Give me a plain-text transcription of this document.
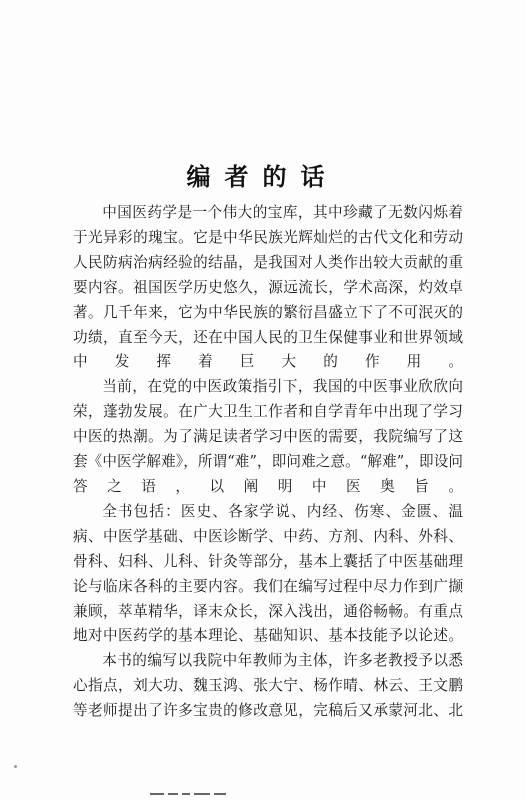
编者的话

中国医药学是一个伟大的宝库，其中珍藏了无数闪烁着于光异彩的瑰宝。它是中华民族光辉灿烂的古代文化和劳动人民防病治病经验的结晶，是我国对人类作出较大贡献的重要内容。祖国医学历史悠久，源远流长，学术高深，灼效卓著。几千年来，它为中华民族的繁衍昌盛立下了不可泯灭的功绩，直至今天，还在中国人民的卫生保健事业和世界领域中发挥着巨大的作用。

当前，在党的中医政策指引下，我国的中医事业欣欣向荣，蓬勃发展。在广大卫生工作者和自学青年中出现了学习中医的热潮。为了满足读者学习中医的需要，我院编写了这套《中医学解难》，所谓“难”，即问难之意。“解难”，即设问答之语，以阐明中医奥旨。

全书包括：医史、各家学说、内经、伤寒、金匮、温病、中医学基础、中医诊断学、中药、方剂、内科、外科、骨科、妇科、儿科、针灸等部分，基本上囊括了中医基础理论与临床各科的主要内容。我们在编写过程中尽力作到广撷兼顾，萃革精华，译末众长，深入浅出，通俗畅畅。有重点地对中医药学的基本理论、基础知识、基本技能予以论述。

本书的编写以我院中年教师为主体，许多老教授予以悉心指点，刘大功、魏玉鸿、张大宁、杨作晴、林云、王文鹏等老师提出了许多宝贵的修改意见，完稿后又承蒙河北、北
